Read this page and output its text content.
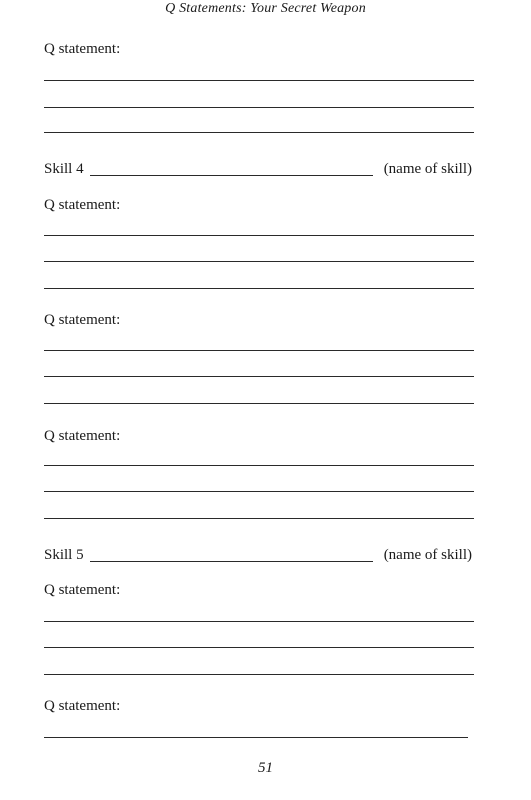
Q Statements: Your Secret Weapon
Q statement:
Skill 4	(name of skill)
Q statement:
Q statement:
Q statement:
Skill 5	(name of skill)
Q statement:
Q statement:
51
